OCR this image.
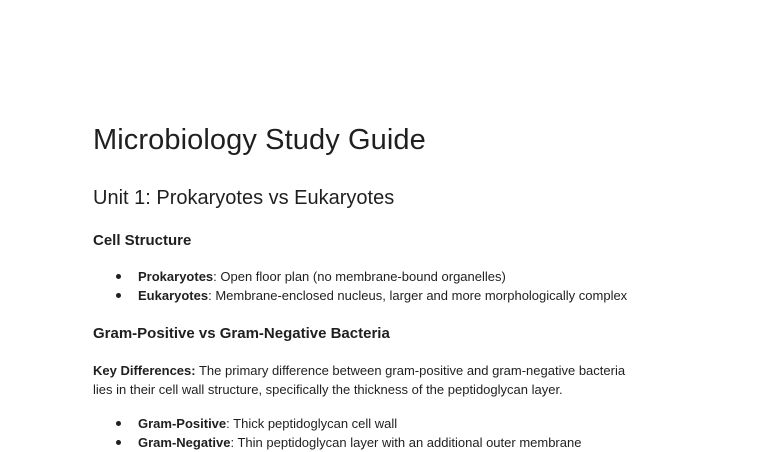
Microbiology Study Guide
Unit 1: Prokaryotes vs Eukaryotes
Cell Structure
Prokaryotes: Open floor plan (no membrane-bound organelles)
Eukaryotes: Membrane-enclosed nucleus, larger and more morphologically complex
Gram-Positive vs Gram-Negative Bacteria

Key Differences: The primary difference between gram-positive and gram-negative bacteria
lies in their cell wall structure, specifically the thickness of the peptidoglycan layer.

Gram-Positive: Thick peptidoglycan cell wall
Gram-Negative: Thin peptidoglycan layer with an additional outer membrane
